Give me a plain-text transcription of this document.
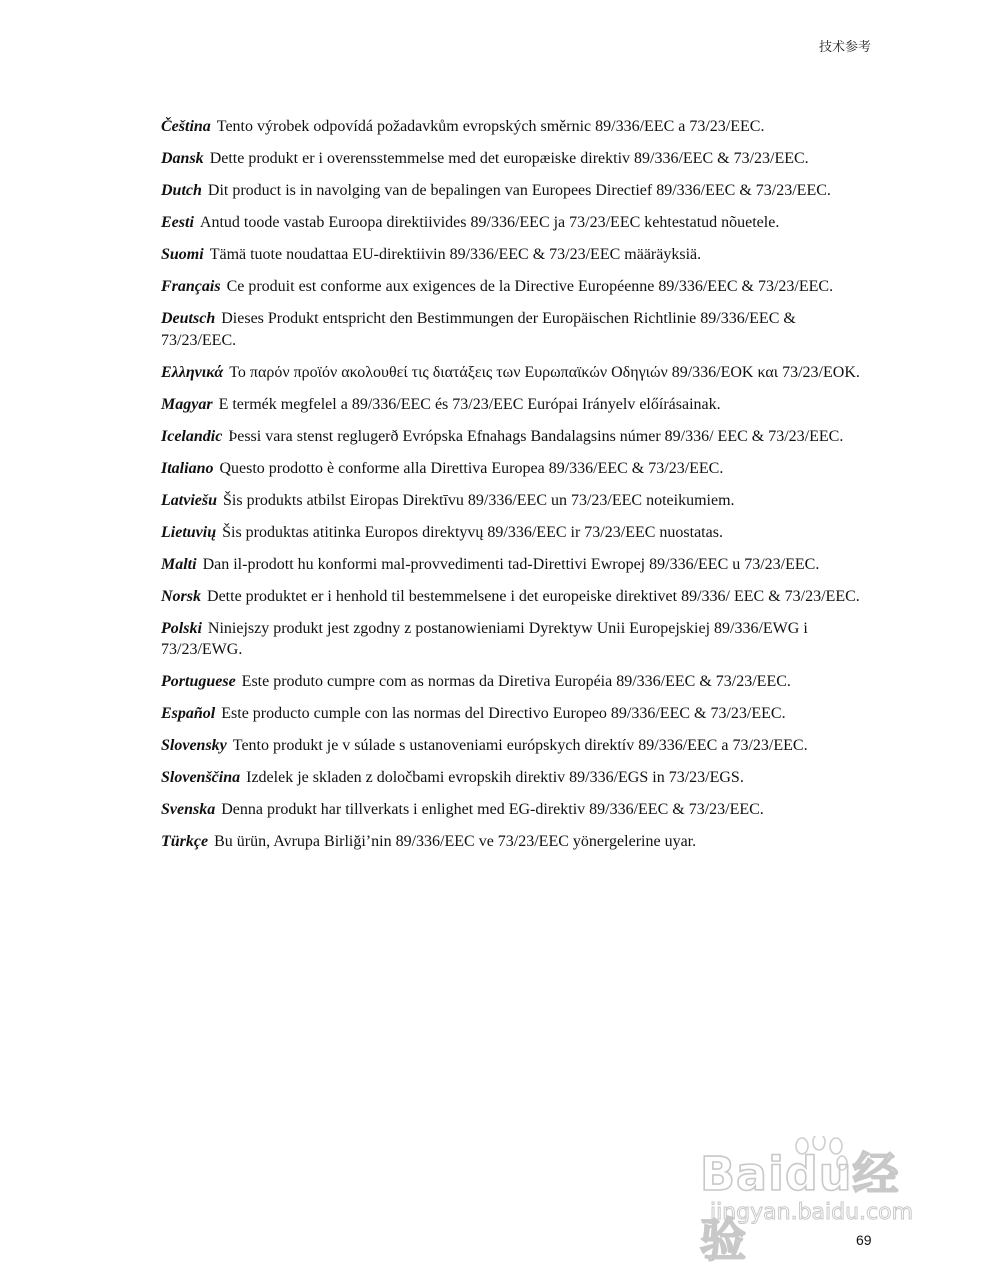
技术参考

Čeština Tento výrobek odpovídá požadavkům evropských směrnic 89/336/EEC a 73/23/EEC.

Dansk Dette produkt er i overensstemmelse med det europæiske direktiv 89/336/EEC & 73/23/EEC.

Dutch Dit product is in navolging van de bepalingen van Europees Directief 89/336/EEC & 73/23/EEC.

Eesti Antud toode vastab Euroopa direktiivides 89/336/EEC ja 73/23/EEC kehtestatud nõuetele.

Suomi Tämä tuote noudattaa EU-direktiivin 89/336/EEC & 73/23/EEC määräyksiä.

Français Ce produit est conforme aux exigences de la Directive Européenne 89/336/EEC & 73/23/EEC.

Deutsch Dieses Produkt entspricht den Bestimmungen der Europäischen Richtlinie 89/336/EEC & 73/23/EEC.

Ελληνικά Το παρόν προϊόν ακολουθεί τις διατάξεις των Ευρωπαϊκών Οδηγιών 89/336/ΕΟΚ και 73/23/ΕΟΚ.

Magyar E termék megfelel a 89/336/EEC és 73/23/EEC Európai Irányelv előírásainak.

Icelandic Þessi vara stenst reglugerð Evrópska Efnahags Bandalagsins númer 89/336/ EEC & 73/23/EEC.

Italiano Questo prodotto è conforme alla Direttiva Europea 89/336/EEC & 73/23/EEC.

Latviešu Šis produkts atbilst Eiropas Direktīvu 89/336/EEC un 73/23/EEC noteikumiem.

Lietuvių Šis produktas atitinka Europos direktyvų 89/336/EEC ir 73/23/EEC nuostatas.

Malti Dan il-prodott hu konformi mal-provvedimenti tad-Direttivi Ewropej 89/336/EEC u 73/23/EEC.

Norsk Dette produktet er i henhold til bestemmelsene i det europeiske direktivet 89/336/ EEC & 73/23/EEC.

Polski Niniejszy produkt jest zgodny z postanowieniami Dyrektyw Unii Europejskiej 89/336/EWG i 73/23/EWG.

Portuguese Este produto cumpre com as normas da Diretiva Européia 89/336/EEC & 73/23/EEC.

Español Este producto cumple con las normas del Directivo Europeo 89/336/EEC & 73/23/EEC.

Slovensky Tento produkt je v súlade s ustanoveniami európskych direktív 89/336/EEC a 73/23/EEC.

Slovenščina Izdelek je skladen z določbami evropskih direktiv 89/336/EGS in 73/23/EGS.

Svenska Denna produkt har tillverkats i enlighet med EG-direktiv 89/336/EEC & 73/23/EEC.

Türkçe Bu ürün, Avrupa Birliği’nin 89/336/EEC ve 73/23/EEC yönergelerine uyar.

Baidu经验
jingyan.baidu.com
69
